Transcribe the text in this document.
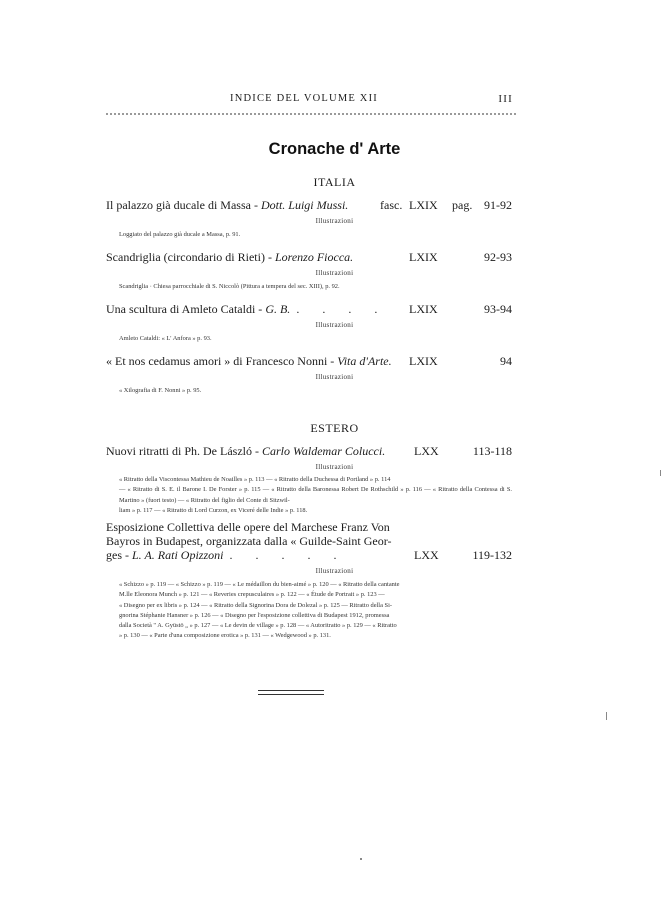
INDICE DEL VOLUME XII	III
Cronache d' Arte
ITALIA
Il palazzo già ducale di Massa - Dott. Luigi Mussi.	fasc. LXIX pag. 91-92
Illustrazioni
Loggiato del palazzo già ducale a Massa, p. 91.
Scandriglia (circondario di Rieti) - Lorenzo Fiocca.	LXIX	92-93
Illustrazioni
Scandriglia · Chiesa parrocchiale di S. Niccolò (Pittura a tempera del sec. XIII), p. 92.
Una scultura di Amleto Cataldi - G. B. . . . . LXIX	93-94
Illustrazioni
Amleto Cataldi: « L' Anfora » p. 93.
« Et nos cedamus amori » di Francesco Nonni - Vita d'Arte. LXIX	94
Illustrazioni
« Xilografia di F. Nonni » p. 95.
ESTERO
Nuovi ritratti di Ph. De László - Carlo Waldemar Colucci. LXX	113-118
Illustrazioni
« Ritratto della Viscontessa Mathieu de Noailles » p. 113 — « Ritratto della Duchessa di Portland » p. 114
— « Ritratto di S. E. il Barone I. De Forster » p. 115 — « Ritratto della Baronessa Robert De Rothschild » p. 116 — « Ritratto della Contessa di S. Martino » (fuori testo) — « Ritratto del figlio del Conte di Sitzwil-
liam » p. 117 — « Ritratto di Lord Curzon, ex Viceré delle Indie » p. 118.
Esposizione Collettiva delle opere del Marchese Franz Von
Bayros in Budapest, organizzata dalla « Guilde-Saint Geor-
ges - L. A. Rati Opizzoni . . . . .	LXX	119-132
Illustrazioni
« Schizzo » p. 119 — « Schizzo » p. 119 — « Le médaillon du bien-aimé » p. 120 — « Ritratto della cantante
M.lle Eleonora Munch » p. 121 — « Reveries crepusculaires » p. 122 — « Étude de Portrait » p. 123 —
« Disegno per ex libris » p. 124 — « Ritratto della Signorina Dora de Dolezal » p. 125 — Ritratto della Si-
gnorina Stéphanie Hansner » p. 126 — « Disegno per l'esposizione collettiva di Budapest 1912, promessa
dalla Società " A. Gyüstö „ » p. 127 — « Le devin de village » p. 128 — « Autoritratto » p. 129 — « Ritratto
» p. 130 — « Parte d'una composizione erotica » p. 131 — « Wedgewood » p. 131.
